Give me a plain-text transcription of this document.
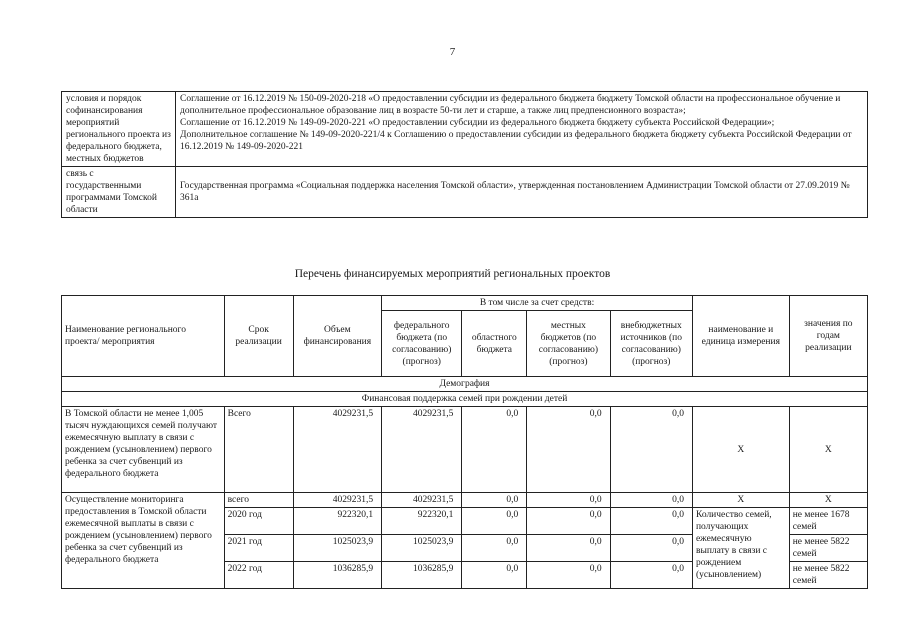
7
условия и порядок софинансирования мероприятий регионального проекта из федерального бюджета, местных бюджетов	Соглашение от 16.12.2019 № 150-09-2020-218 «О предоставлении субсидии из федерального бюджета бюджету Томской области на профессиональное обучение и дополнительное профессиональное образование лиц в возрасте 50-ти лет и старше, а также лиц предпенсионного возраста»;
Соглашение от 16.12.2019 № 149-09-2020-221 «О предоставлении субсидии из федерального бюджета бюджету субъекта Российской Федерации»;
Дополнительное соглашение № 149-09-2020-221/4 к Соглашению о предоставлении субсидии из федерального бюджета бюджету субъекта Российской Федерации от 16.12.2019 № 149-09-2020-221

связь с государственными программами Томской области	Государственная программа «Социальная поддержка населения Томской области», утвержденная постановлением Администрации Томской области от 27.09.2019 № 361а
Перечень финансируемых мероприятий региональных проектов
Наименование регионального проекта/ мероприятия	Срок реализации	Объем финансирования	В том числе за счет средств:				наименование и единица измерения	значения по годам реализации
			федерального бюджета (по согласованию) (прогноз)	областного бюджета	местных бюджетов (по согласованию) (прогноз)	внебюджетных источников (по согласованию) (прогноз)		
Демография								
Финансовая поддержка семей при рождении детей								
В Томской области не менее 1,005 тысяч нуждающихся семей получают ежемесячную выплату в связи с рождением (усыновлением) первого ребенка за счет субвенций из федерального бюджета	Всего	4029231,5	4029231,5	0,0	0,0	0,0	Х	Х
Осуществление мониторинга предоставления в Томской области ежемесячной выплаты в связи с рождением (усыновлением) первого ребенка за счет субвенций из федерального бюджета	всего	4029231,5	4029231,5	0,0	0,0	0,0	Х	Х
	2020 год	922320,1	922320,1	0,0	0,0	0,0	Количество семей, получающих ежемесячную выплату в связи с рождением (усыновлением)	не менее 1678 семей
	2021 год	1025023,9	1025023,9	0,0	0,0	0,0		не менее 5822 семей
	2022 год	1036285,9	1036285,9	0,0	0,0	0,0		не менее 5822 семей
